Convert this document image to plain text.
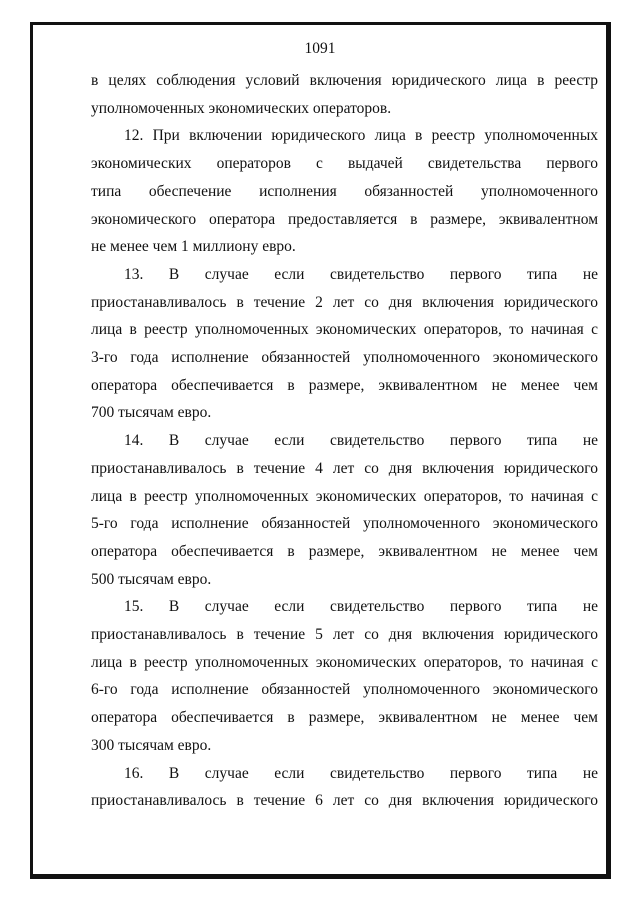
1091

в целях соблюдения условий включения юридического лица в реестр
уполномоченных экономических операторов.

12. При включении юридического лица в реестр уполномоченных
экономических операторов с выдачей свидетельства первого
типа обеспечение исполнения обязанностей уполномоченного
экономического оператора предоставляется в размере, эквивалентном
не менее чем 1 миллиону евро.

13. В случае если свидетельство первого типа не
приостанавливалось в течение 2 лет со дня включения юридического
лица в реестр уполномоченных экономических операторов, то начиная с
3-го года исполнение обязанностей уполномоченного экономического
оператора обеспечивается в размере, эквивалентном не менее чем
700 тысячам евро.

14. В случае если свидетельство первого типа не
приостанавливалось в течение 4 лет со дня включения юридического
лица в реестр уполномоченных экономических операторов, то начиная с
5-го года исполнение обязанностей уполномоченного экономического
оператора обеспечивается в размере, эквивалентном не менее чем
500 тысячам евро.

15. В случае если свидетельство первого типа не
приостанавливалось в течение 5 лет со дня включения юридического
лица в реестр уполномоченных экономических операторов, то начиная с
6-го года исполнение обязанностей уполномоченного экономического
оператора обеспечивается в размере, эквивалентном не менее чем
300 тысячам евро.

16. В случае если свидетельство первого типа не
приостанавливалось в течение 6 лет со дня включения юридического
